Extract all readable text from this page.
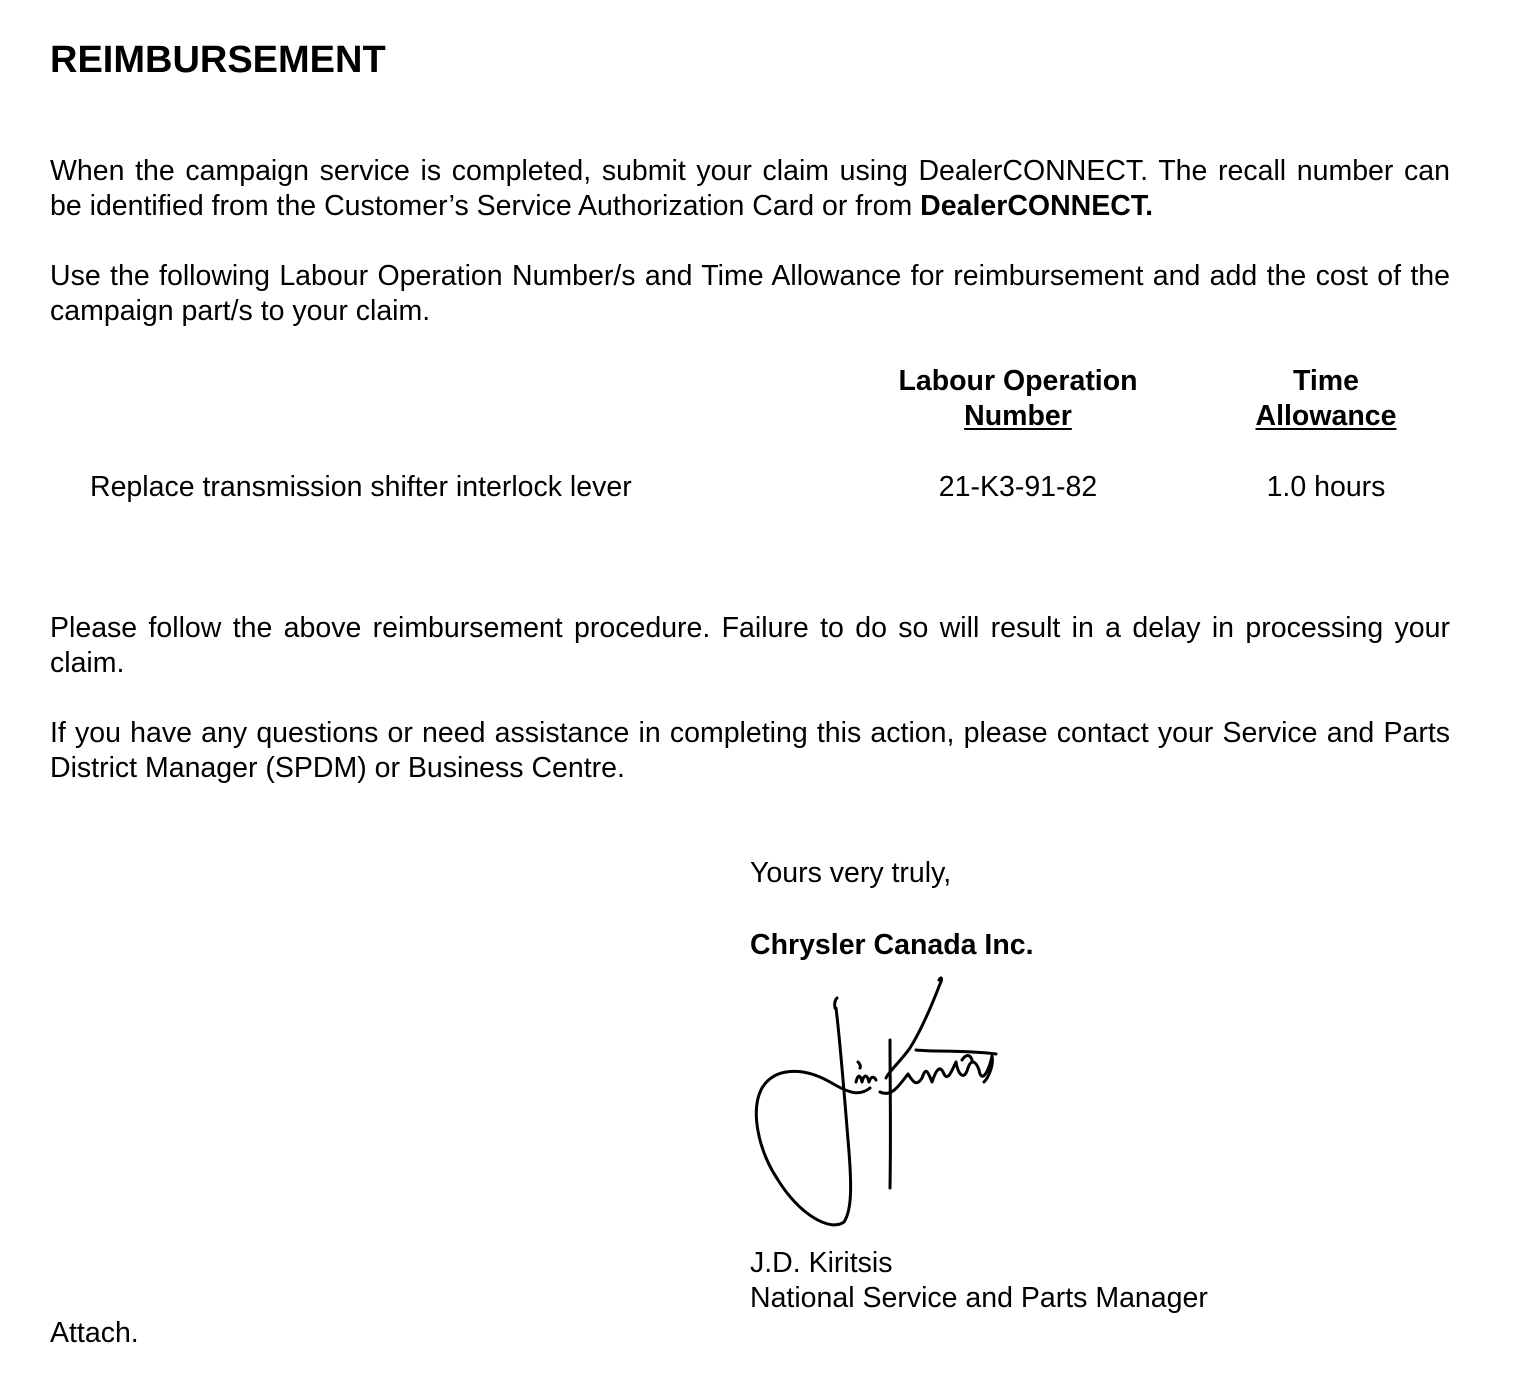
REIMBURSEMENT
When the campaign service is completed, submit your claim using DealerCONNECT. The recall number can be identified from the Customer’s Service Authorization Card or from DealerCONNECT.
Use the following Labour Operation Number/s and Time Allowance for reimbursement and add the cost of the campaign part/s to your claim.
Labour Operation
Number
Time
Allowance
Replace transmission shifter interlock lever	21-K3-91-82	1.0 hours
Please follow the above reimbursement procedure. Failure to do so will result in a delay in processing your claim.
If you have any questions or need assistance in completing this action, please contact your Service and Parts District Manager (SPDM) or Business Centre.
Yours very truly,
Chrysler Canada Inc.
J.D. Kiritsis
National Service and Parts Manager
Attach.
